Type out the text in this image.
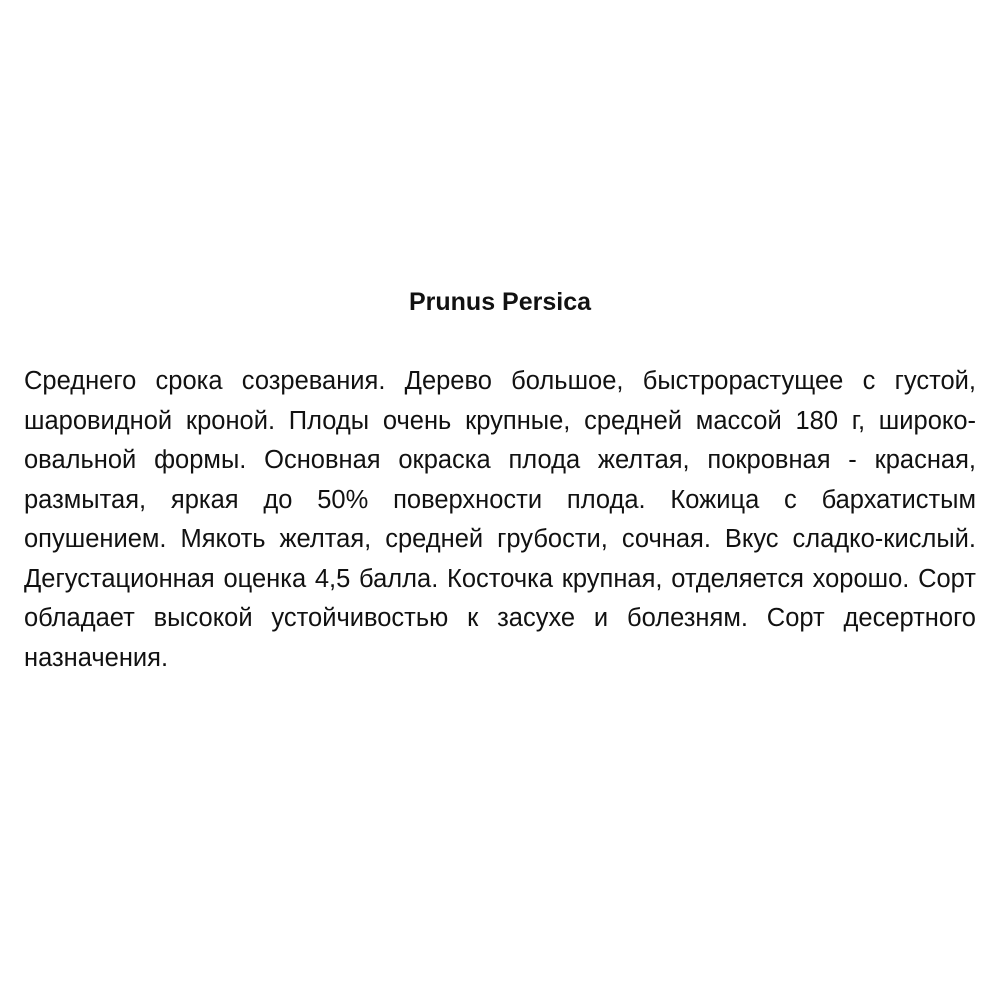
Prunus Persica

Среднего срока созревания. Дерево большое, быстрорастущее с густой, шаровидной кроной. Плоды очень крупные, средней массой 180 г, широко-овальной формы. Основная окраска плода желтая, покровная - красная, размытая, яркая до 50% поверхности плода. Кожица с бархатистым опушением. Мякоть желтая, средней грубости, сочная. Вкус сладко-кислый. Дегустационная оценка 4,5 балла. Косточка крупная, отделяется хорошо. Сорт обладает высокой устойчивостью к засухе и болезням. Сорт десертного назначения.
